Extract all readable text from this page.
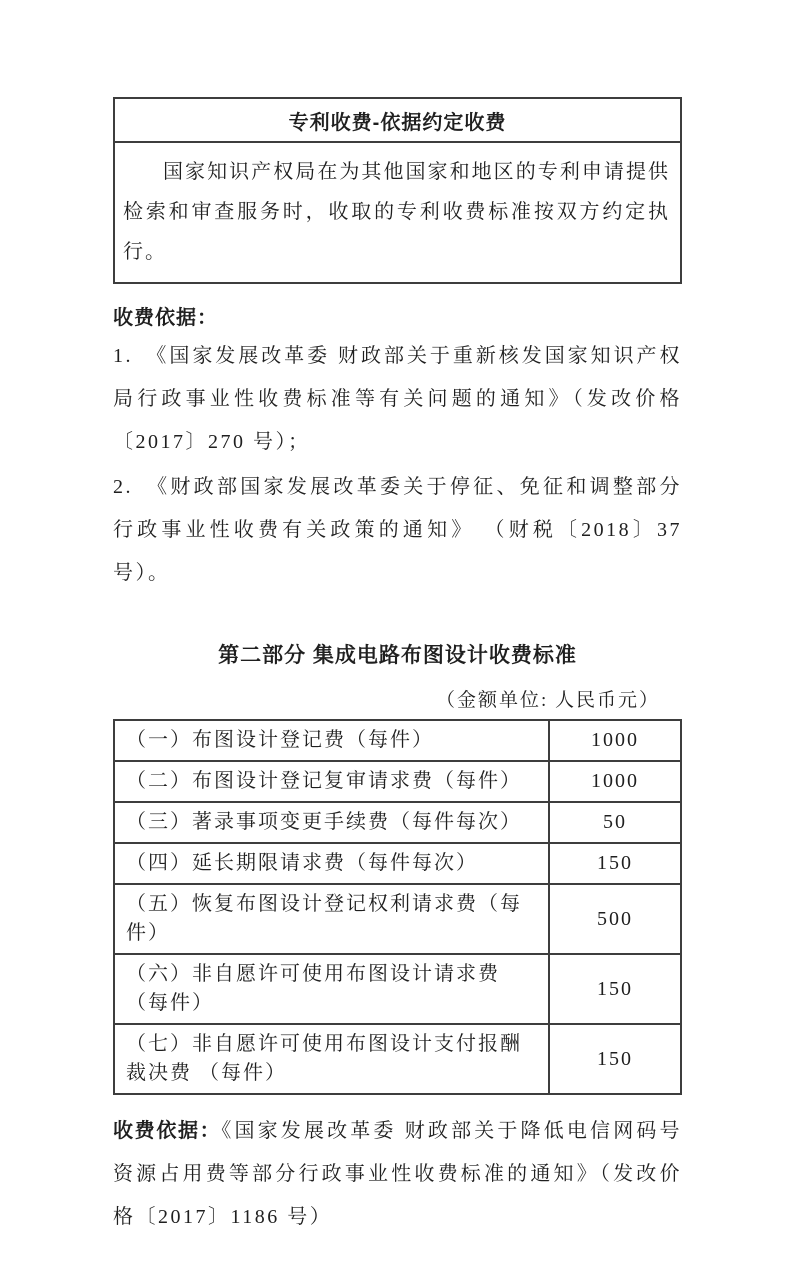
专利收费-依据约定收费
国家知识产权局在为其他国家和地区的专利申请提供检索和审查服务时，收取的专利收费标准按双方约定执行。
收费依据：

1.　《国家发展改革委 财政部关于重新核发国家知识产权局行政事业性收费标准等有关问题的通知》（发改价格〔2017〕270 号）；

2.　《财政部国家发展改革委关于停征、免征和调整部分行政事业性收费有关政策的通知》 （财税〔2018〕37 号）。

第二部分 集成电路布图设计收费标准
（金额单位: 人民币元）
（一）布图设计登记费（每件）	1000
（二）布图设计登记复审请求费（每件）	1000
（三）著录事项变更手续费（每件每次）	50
（四）延长期限请求费（每件每次）	150
（五）恢复布图设计登记权利请求费（每件）	500
（六）非自愿许可使用布图设计请求费（每件）	150
（七）非自愿许可使用布图设计支付报酬裁决费 （每件）	150

收费依据：《国家发展改革委 财政部关于降低电信网码号资源占用费等部分行政事业性收费标准的通知》（发改价格〔2017〕1186 号）
